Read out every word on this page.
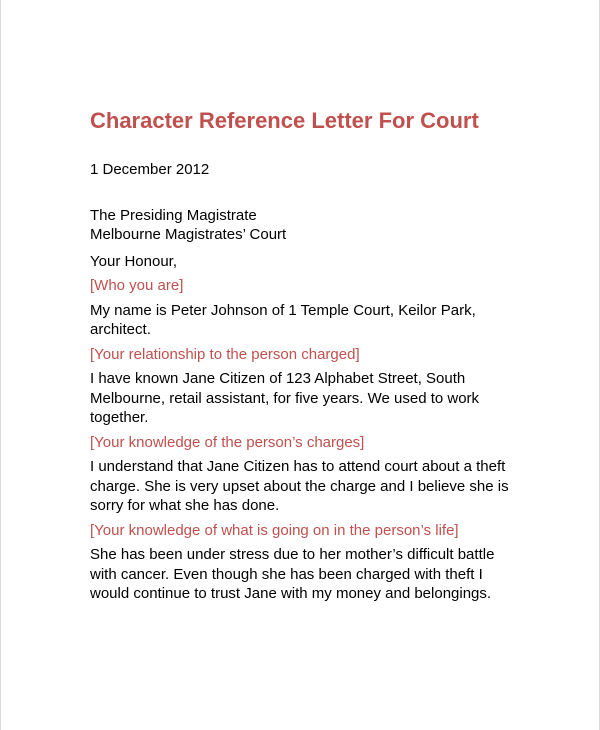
Character Reference Letter For Court

1 December 2012

The Presiding Magistrate
Melbourne Magistrates’ Court

Your Honour,

[Who you are]

My name is Peter Johnson of 1 Temple Court, Keilor Park, architect.

[Your relationship to the person charged]

I have known Jane Citizen of 123 Alphabet Street, South Melbourne, retail assistant, for five years. We used to work together.

[Your knowledge of the person’s charges]

I understand that Jane Citizen has to attend court about a theft charge. She is very upset about the charge and I believe she is sorry for what she has done.

[Your knowledge of what is going on in the person’s life]

She has been under stress due to her mother’s difficult battle with cancer. Even though she has been charged with theft I would continue to trust Jane with my money and belongings.
